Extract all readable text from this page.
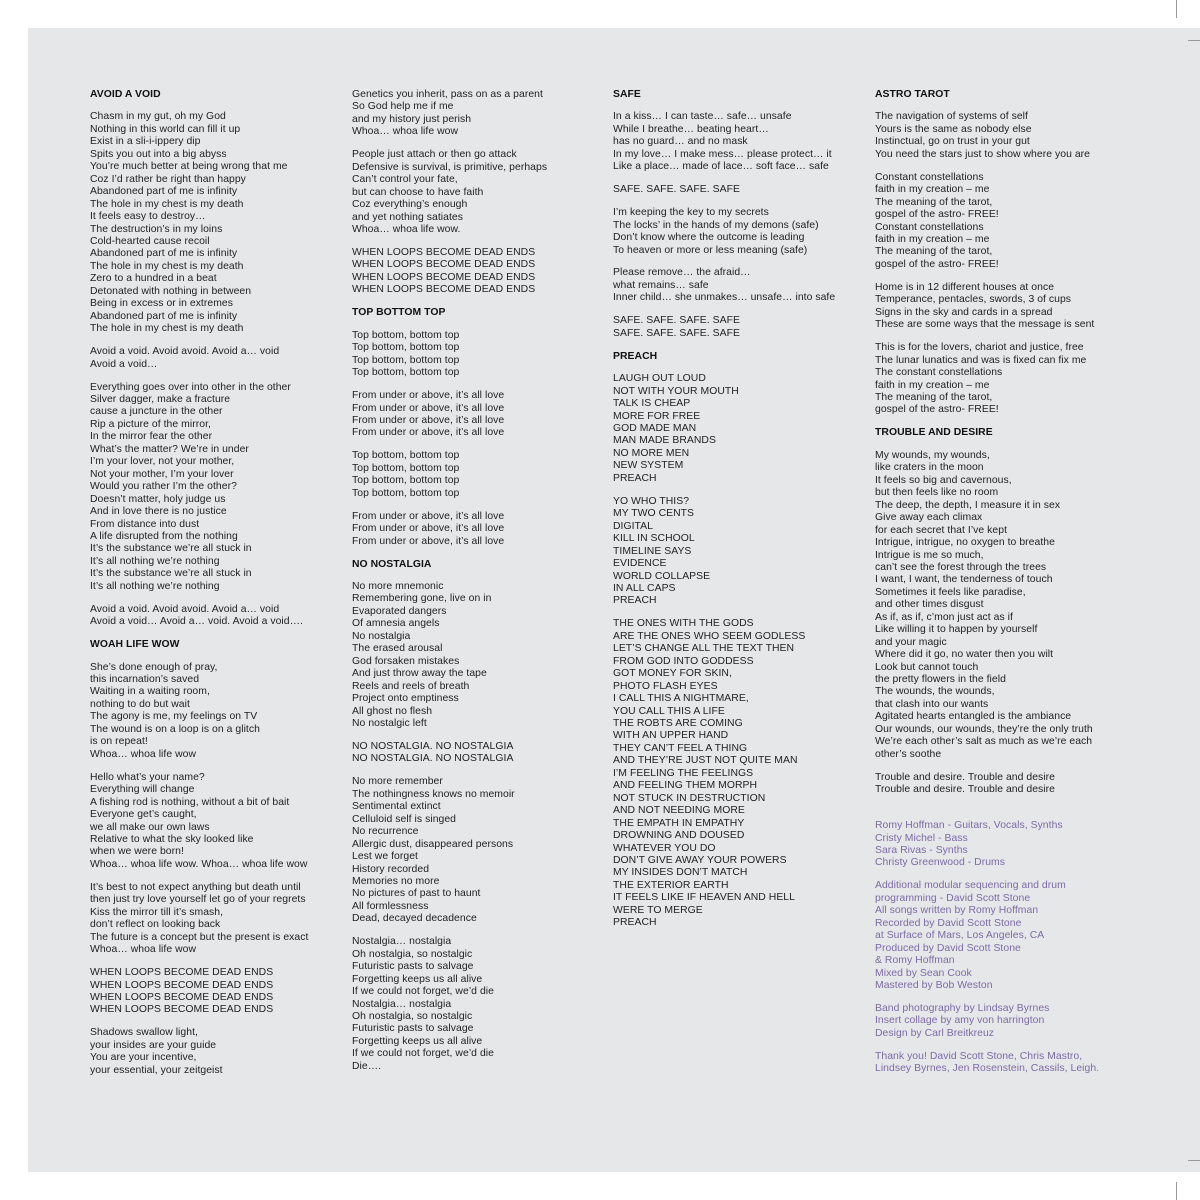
AVOID A VOID
Chasm in my gut, oh my God
Nothing in this world can fill it up
Exist in a sli-i-ippery dip
Spits you out into a big abyss
You’re much better at being wrong that me
Coz I’d rather be right than happy
Abandoned part of me is infinity
The hole in my chest is my death
It feels easy to destroy…
The destruction’s in my loins
Cold-hearted cause recoil
Abandoned part of me is infinity
The hole in my chest is my death
Zero to a hundred in a beat
Detonated with nothing in between
Being in excess or in extremes
Abandoned part of me is infinity
The hole in my chest is my death
Avoid a void. Avoid avoid. Avoid a… void
Avoid a void…
Everything goes over into other in the other
Silver dagger, make a fracture
cause a juncture in the other
Rip a picture of the mirror,
In the mirror fear the other
What’s the matter? We’re in under
I’m your lover, not your mother,
Not your mother, I’m your lover
Would you rather I’m the other?
Doesn’t matter, holy judge us
And in love there is no justice
From distance into dust
A life disrupted from the nothing
It’s the substance we’re all stuck in
It’s all nothing we’re nothing
It’s the substance we’re all stuck in
It’s all nothing we’re nothing
Avoid a void. Avoid avoid. Avoid a… void
Avoid a void… Avoid a… void. Avoid a void….
WOAH LIFE WOW
She’s done enough of pray,
this incarnation’s saved
Waiting in a waiting room,
nothing to do but wait
The agony is me, my feelings on TV
The wound is on a loop is on a glitch
is on repeat!
Whoa… whoa life wow
Hello what’s your name?
Everything will change
A fishing rod is nothing, without a bit of bait
Everyone get’s caught,
we all make our own laws
Relative to what the sky looked like
when we were born!
Whoa… whoa life wow. Whoa… whoa life wow
It’s best to not expect anything but death until
then just try love yourself let go of your regrets
Kiss the mirror till it’s smash,
don’t reflect on looking back
The future is a concept but the present is exact
Whoa… whoa life wow
WHEN LOOPS BECOME DEAD ENDS
WHEN LOOPS BECOME DEAD ENDS
WHEN LOOPS BECOME DEAD ENDS
WHEN LOOPS BECOME DEAD ENDS
Shadows swallow light,
your insides are your guide
You are your incentive,
your essential, your zeitgeist
Genetics you inherit, pass on as a parent
So God help me if me
and my history just perish
Whoa… whoa life wow
People just attach or then go attack
Defensive is survival, is primitive, perhaps
Can’t control your fate,
but can choose to have faith
Coz everything’s enough
and yet nothing satiates
Whoa… whoa life wow.
WHEN LOOPS BECOME DEAD ENDS
WHEN LOOPS BECOME DEAD ENDS
WHEN LOOPS BECOME DEAD ENDS
WHEN LOOPS BECOME DEAD ENDS
TOP BOTTOM TOP
Top bottom, bottom top
Top bottom, bottom top
Top bottom, bottom top
Top bottom, bottom top
From under or above, it’s all love
From under or above, it’s all love
From under or above, it’s all love
From under or above, it’s all love
Top bottom, bottom top
Top bottom, bottom top
Top bottom, bottom top
Top bottom, bottom top
From under or above, it’s all love
From under or above, it’s all love
From under or above, it’s all love
NO NOSTALGIA
No more mnemonic
Remembering gone, live on in
Evaporated dangers
Of amnesia angels
No nostalgia
The erased arousal
God forsaken mistakes
And just throw away the tape
Reels and reels of breath
Project onto emptiness
All ghost no flesh
No nostalgic left
NO NOSTALGIA. NO NOSTALGIA
NO NOSTALGIA. NO NOSTALGIA
No more remember
The nothingness knows no memoir
Sentimental extinct
Celluloid self is singed
No recurrence
Allergic dust, disappeared persons
Lest we forget
History recorded
Memories no more
No pictures of past to haunt
All formlessness
Dead, decayed decadence
Nostalgia… nostalgia
Oh nostalgia, so nostalgic
Futuristic pasts to salvage
Forgetting keeps us all alive
If we could not forget, we’d die
Nostalgia… nostalgia
Oh nostalgia, so nostalgic
Futuristic pasts to salvage
Forgetting keeps us all alive
If we could not forget, we’d die
Die….
SAFE
In a kiss… I can taste… safe… unsafe
While I breathe… beating heart…
has no guard… and no mask
In my love… I make mess… please protect… it
Like a place… made of lace… soft face… safe
SAFE. SAFE. SAFE. SAFE
I’m keeping the key to my secrets
The locks’ in the hands of my demons (safe)
Don’t know where the outcome is leading
To heaven or more or less meaning (safe)
Please remove… the afraid…
what remains… safe
Inner child… she unmakes… unsafe… into safe
SAFE. SAFE. SAFE. SAFE
SAFE. SAFE. SAFE. SAFE
PREACH
LAUGH OUT LOUD
NOT WITH YOUR MOUTH
TALK IS CHEAP
MORE FOR FREE
GOD MADE MAN
MAN MADE BRANDS
NO MORE MEN
NEW SYSTEM
PREACH
YO WHO THIS?
MY TWO CENTS
DIGITAL
KILL IN SCHOOL
TIMELINE SAYS
EVIDENCE
WORLD COLLAPSE
IN ALL CAPS
PREACH
THE ONES WITH THE GODS
ARE THE ONES WHO SEEM GODLESS
LET’S CHANGE ALL THE TEXT THEN
FROM GOD INTO GODDESS
GOT MONEY FOR SKIN,
PHOTO FLASH EYES
I CALL THIS A NIGHTMARE,
YOU CALL THIS A LIFE
THE ROBTS ARE COMING
WITH AN UPPER HAND
THEY CAN’T FEEL A THING
AND THEY’RE JUST NOT QUITE MAN
I’M FEELING THE FEELINGS
AND FEELING THEM MORPH
NOT STUCK IN DESTRUCTION
AND NOT NEEDING MORE
THE EMPATH IN EMPATHY
DROWNING AND DOUSED
WHATEVER YOU DO
DON’T GIVE AWAY YOUR POWERS
MY INSIDES DON’T MATCH
THE EXTERIOR EARTH
IT FEELS LIKE IF HEAVEN AND HELL
WERE TO MERGE
PREACH
ASTRO TAROT
The navigation of systems of self
Yours is the same as nobody else
Instinctual, go on trust in your gut
You need the stars just to show where you are
Constant constellations
faith in my creation – me
The meaning of the tarot,
gospel of the astro- FREE!
Constant constellations
faith in my creation – me
The meaning of the tarot,
gospel of the astro- FREE!
Home is in 12 different houses at once
Temperance, pentacles, swords, 3 of cups
Signs in the sky and cards in a spread
These are some ways that the message is sent
This is for the lovers, chariot and justice, free
The lunar lunatics and was is fixed can fix me
The constant constellations
faith in my creation – me
The meaning of the tarot,
gospel of the astro- FREE!
TROUBLE AND DESIRE
My wounds, my wounds,
like craters in the moon
It feels so big and cavernous,
but then feels like no room
The deep, the depth, I measure it in sex
Give away each climax
for each secret that I’ve kept
Intrigue, intrigue, no oxygen to breathe
Intrigue is me so much,
can’t see the forest through the trees
I want, I want, the tenderness of touch
Sometimes it feels like paradise,
and other times disgust
As if, as if, c’mon just act as if
Like willing it to happen by yourself
and your magic
Where did it go, no water then you wilt
Look but cannot touch
the pretty flowers in the field
The wounds, the wounds,
that clash into our wants
Agitated hearts entangled is the ambiance
Our wounds, our wounds, they’re the only truth
We’re each other’s salt as much as we’re each
other’s soothe
Trouble and desire. Trouble and desire
Trouble and desire. Trouble and desire
Romy Hoffman - Guitars, Vocals, Synths
Cristy Michel - Bass
Sara Rivas - Synths
Christy Greenwood - Drums
Additional modular sequencing and drum
programming - David Scott Stone
All songs written by Romy Hoffman
Recorded by David Scott Stone
at Surface of Mars, Los Angeles, CA
Produced by David Scott Stone
& Romy Hoffman
Mixed by Sean Cook
Mastered by Bob Weston
Band photography by Lindsay Byrnes
Insert collage by amy von harrington
Design by Carl Breitkreuz
Thank you! David Scott Stone, Chris Mastro,
Lindsey Byrnes, Jen Rosenstein, Cassils, Leigh.
